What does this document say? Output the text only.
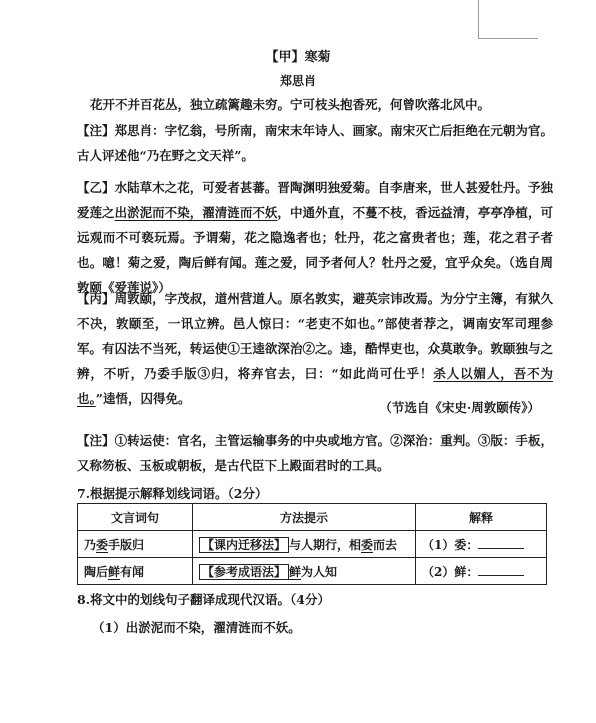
【甲】寒菊
郑思肖

花开不并百花丛，独立疏篱趣未穷。宁可枝头抱香死，何曾吹落北风中。

【注】郑思肖：字忆翁，号所南，南宋末年诗人、画家。南宋灭亡后拒绝在元朝为官。古人评述他“乃在野之文天祥”。

【乙】水陆草木之花，可爱者甚蕃。晋陶渊明独爱菊。自李唐来，世人甚爱牡丹。予独爱莲之出淤泥而不染，濯清涟而不妖，中通外直，不蔓不枝，香远益清，亭亭净植，可远观而不可亵玩焉。予谓菊，花之隐逸者也；牡丹，花之富贵者也；莲，花之君子者也。噫！菊之爱，陶后鲜有闻。莲之爱，同予者何人？牡丹之爱，宜乎众矣。（选自周敦颐《爱莲说》）

【丙】周敦颐，字茂叔，道州营道人。原名敦实，避英宗讳改焉。为分宁主簿，有狱久不决，敦颐至，一讯立辨。邑人惊曰：“老吏不如也。”部使者荐之，调南安军司理参军。有囚法不当死，转运使①王逵欲深治②之。逵，酷悍吏也，众莫敢争。敦颐独与之辨，不听，乃委手版③归，将弃官去，曰：“如此尚可仕乎！杀人以媚人，吾不为也。”逵悟，囚得免。

（节选自《宋史·周敦颐传》）

【注】①转运使：官名，主管运输事务的中央或地方官。②深治：重判。③版：手板，又称笏板、玉板或朝板，是古代臣下上殿面君时的工具。

7.根据提示解释划线词语。（2分）
文言词句	方法提示	解释
乃委手版归	【课内迁移法】 与人期行，相委而去	（1）委：
陶后鲜有闻	【参考成语法】 鲜为人知	（2）鲜：
8.将文中的划线句子翻译成现代汉语。（4分）
（1）出淤泥而不染，濯清涟而不妖。
